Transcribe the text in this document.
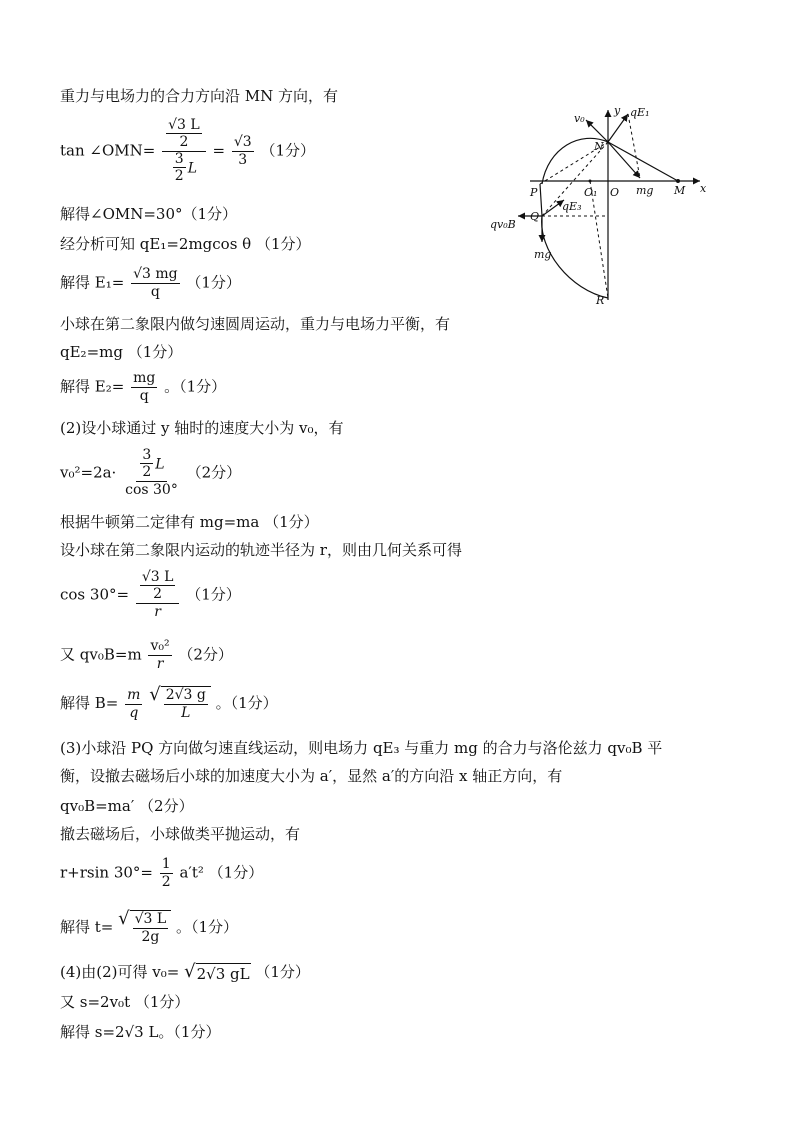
重力与电场力的合力方向沿 MN 方向，有
tan ∠OMN= $\frac{\frac{√3 L}{2}}{\frac{3}{2} L} = \frac{√3}{3} (1$分）
解得∠OMN=30°（1分）
经分析可知 qE₁=2mgcos θ （1分）
解得 $E_1= \frac{√3 mg}{q} (1$分）
小球在第二象限内做匀速圆周运动，重力与电场力平衡，有
qE₂=mg （1分）
解得 $E_2= \frac{mg}{q}$ 。（1分）
(2)设小球通过 y 轴时的速度大小为 v₀，有
$v_0^2=2a\cdot \frac{\frac{3}{2} L}{\cos 30^\circ} (2$分）
根据牛顿第二定律有 mg=ma （1分）
设小球在第二象限内运动的轨迹半径为 r，则由几何关系可得
$\cos 30^\circ= \frac{\frac{√3 L}{2}}{r} (1$分）
又 $qv_0B=m \frac{\text{v₀²}}{r} (2$分）
解得 $B= \frac{m}{q}$
√ $\frac{2√3 g}{L}$ 。（1分）
(3)小球沿 PQ 方向做匀速直线运动，则电场力 qE₃ 与重力 mg 的合力与洛伦兹力 qv₀B 平
衡，设撤去磁场后小球的加速度大小为 a′，显然 a′的方向沿 x 轴正方向，有
qv₀B=ma′ （2分）
撤去磁场后，小球做类平抛运动，有
r+rsin $30^\circ= \frac{1}{2} a't^2$ （1分）
解得 t= √ $\frac{√3 L}{2g}$ 。（1分）
(4)由(2)可得 v₀= √ 2√3 gL （1分）
又 s=2v₀t （1分）
解得 s=2√3 L。（1分）
v₀
y qE₁
N
P	O₁ O mg M x
Q
qE₃
qv₀B
mg
R
